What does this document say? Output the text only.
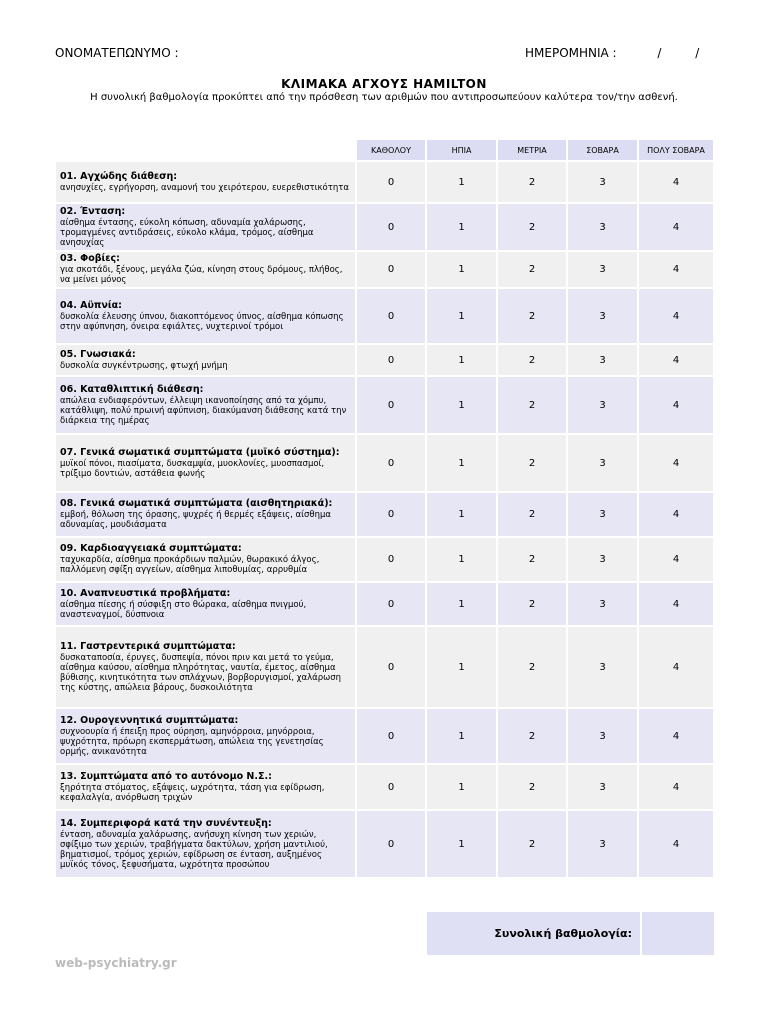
ΟΝΟΜΑΤΕΠΩΝΥΜΟ :	ΗΜΕΡΟΜΗΝΙΑ :	/	/
ΚΛΙΜΑΚΑ ΑΓΧΟΥΣ HAMILTON
Η συνολική βαθμολογία προκύπτει από την πρόσθεση των αριθμών που αντιπροσωπεύουν καλύτερα τον/την ασθενή.
	ΚΑΘΟΛΟΥ	ΗΠΙΑ	ΜΕΤΡΙΑ	ΣΟΒΑΡΑ	ΠΟΛΥ ΣΟΒΑΡΑ

01. Αγχώδης διάθεση:
ανησυχίες, εγρήγορση, αναμονή του χειρότερου, ευερεθιστικότητα	0	1	2	3	4

02. Ένταση:
αίσθημα έντασης, εύκολη κόπωση, αδυναμία χαλάρωσης, τρομαγμένες αντιδράσεις, εύκολο κλάμα, τρόμος, αίσθημα ανησυχίας	0	1	2	3	4

03. Φοβίες:
για σκοτάδι, ξένους, μεγάλα ζώα, κίνηση στους δρόμους, πλήθος, να μείνει μόνος	0	1	2	3	4

04. Αϋπνία:
δυσκολία έλευσης ύπνου, διακοπτόμενος ύπνος, αίσθημα κόπωσης στην αφύπνηση, όνειρα εφιάλτες, νυχτερινοί τρόμοι	0	1	2	3	4

05. Γνωσιακά:
δυσκολία συγκέντρωσης, φτωχή μνήμη	0	1	2	3	4

06. Καταθλιπτική διάθεση:
απώλεια ενδιαφερόντων, έλλειψη ικανοποίησης από τα χόμπυ, κατάθλιψη, πολύ πρωινή αφύπνιση, διακύμανση διάθεσης κατά την διάρκεια της ημέρας	0	1	2	3	4

07. Γενικά σωματικά συμπτώματα (μυϊκό σύστημα):
μυϊκοί πόνοι, πιασίματα, δυσκαμψία, μυοκλονίες, μυοσπασμοί, τρίξιμο δοντιών, αστάθεια φωνής	0	1	2	3	4

08. Γενικά σωματικά συμπτώματα (αισθητηριακά):
εμβοή, θόλωση της όρασης, ψυχρές ή θερμές εξάψεις, αίσθημα αδυναμίας, μουδιάσματα	0	1	2	3	4

09. Καρδιοαγγειακά συμπτώματα:
ταχυκαρδία, αίσθημα προκάρδιων παλμών, θωρακικό άλγος, παλλόμενη σφίξη αγγείων, αίσθημα λιποθυμίας, αρρυθμία	0	1	2	3	4

10. Αναπνευστικά προβλήματα:
αίσθημα πίεσης ή σύσφιξη στο θώρακα, αίσθημα πνιγμού, αναστεναγμοί, δύσπνοια	0	1	2	3	4

11. Γαστρεντερικά συμπτώματα:
δυσκαταποσία, έρυγες, δυσπεψία, πόνοι πριν και μετά το γεύμα, αίσθημα καύσου, αίσθημα πληρότητας, ναυτία, έμετος, αίσθημα βύθισης, κινητικότητα των σπλάχνων, βορβορυγισμοί, χαλάρωση της κύστης, απώλεια βάρους, δυσκοιλιότητα	0	1	2	3	4

12. Ουρογεννητικά συμπτώματα:
συχνοουρία ή έπειξη προς ούρηση, αμηνόρροια, μηνόρροια, ψυχρότητα, πρόωρη εκσπερμάτωση, απώλεια της γενετησίας ορμής, ανικανότητα	0	1	2	3	4

13. Συμπτώματα από το αυτόνομο Ν.Σ.:
ξηρότητα στόματος, εξάψεις, ωχρότητα, τάση για εφίδρωση, κεφαλαλγία, ανόρθωση τριχών	0	1	2	3	4

14. Συμπεριφορά κατά την συνέντευξη:
ένταση, αδυναμία χαλάρωσης, ανήσυχη κίνηση των χεριών, σφίξιμο των χεριών, τραβήγματα δακτύλων, χρήση μαντιλιού, βηματισμοί, τρόμος χεριών, εφίδρωση σε ένταση, αυξημένος μυϊκός τόνος, ξεφυσήματα, ωχρότητα προσώπου	0	1	2	3	4
Συνολική βαθμολογία:
web-psychiatry.gr
